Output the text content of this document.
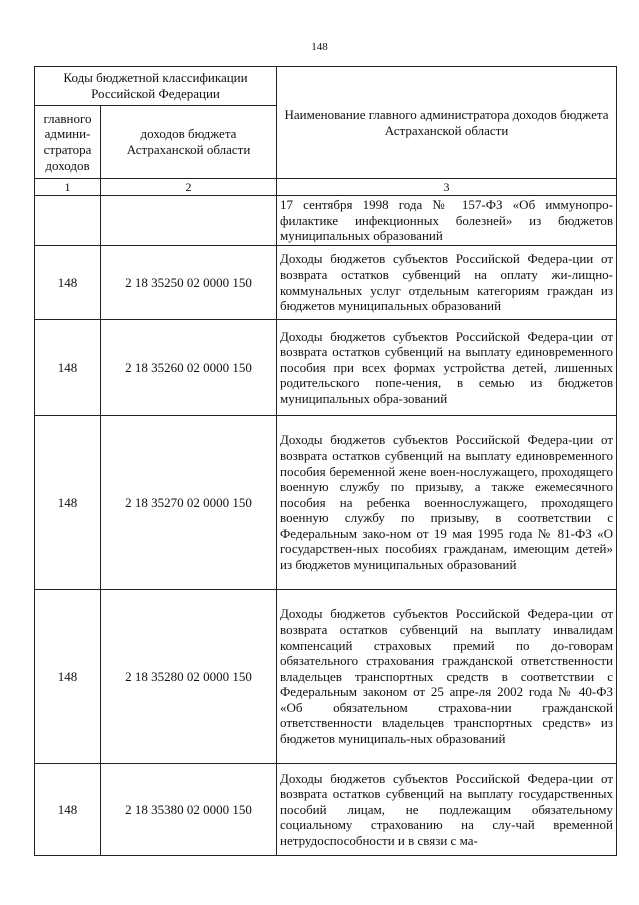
148
Коды бюджетной классификации Российской Федерации		Наименование главного администратора доходов бюджета Астраханской области
главного админи-стратора доходов	доходов бюджета Астраханской области	
1	2	3
		17 сентября 1998 года № 157-ФЗ «Об иммунопро-филактике инфекционных болезней» из бюджетов муниципальных образований
148	2 18 35250 02 0000 150	Доходы бюджетов субъектов Российской Федера-ции от возврата остатков субвенций на оплату жи-лищно-коммунальных услуг отдельным категориям граждан из бюджетов муниципальных образований
148	2 18 35260 02 0000 150	Доходы бюджетов субъектов Российской Федера-ции от возврата остатков субвенций на выплату единовременного пособия при всех формах устройства детей, лишенных родительского попе-чения, в семью из бюджетов муниципальных обра-зований
148	2 18 35270 02 0000 150	Доходы бюджетов субъектов Российской Федера-ции от возврата остатков субвенций на выплату единовременного пособия беременной жене воен-нослужащего, проходящего военную службу по призыву, а также ежемесячного пособия на ребенка военнослужащего, проходящего военную службу по призыву, в соответствии с Федеральным зако-ном от 19 мая 1995 года № 81-ФЗ «О государствен-ных пособиях гражданам, имеющим детей» из бюджетов муниципальных образований
148	2 18 35280 02 0000 150	Доходы бюджетов субъектов Российской Федера-ции от возврата остатков субвенций на выплату инвалидам компенсаций страховых премий по до-говорам обязательного страхования гражданской ответственности владельцев транспортных средств в соответствии с Федеральным законом от 25 апре-ля 2002 года № 40-ФЗ «Об обязательном страхова-нии гражданской ответственности владельцев транспортных средств» из бюджетов муниципаль-ных образований
148	2 18 35380 02 0000 150	Доходы бюджетов субъектов Российской Федера-ции от возврата остатков субвенций на выплату государственных пособий лицам, не подлежащим обязательному социальному страхованию на слу-чай временной нетрудоспособности и в связи с ма-
